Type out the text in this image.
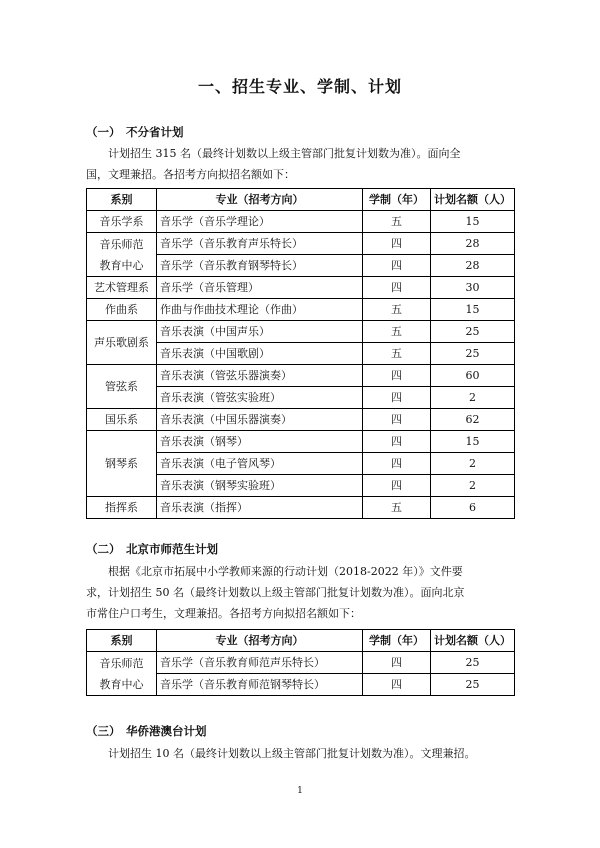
一、招生专业、学制、计划
（一） 不分省计划
计划招生 315 名（最终计划数以上级主管部门批复计划数为准）。面向全
国，文理兼招。各招考方向拟招名额如下：
系别	专业（招考方向）	学制（年）	计划名额（人）
音乐学系	音乐学（音乐学理论）	五	15

音乐师范
教育中心	音乐学（音乐教育声乐特长）	四	28
	音乐学（音乐教育钢琴特长）	四	28
艺术管理系	音乐学（音乐管理）	四	30
作曲系	作曲与作曲技术理论（作曲）	五	15
声乐歌剧系	音乐表演（中国声乐）	五	25
	音乐表演（中国歌剧）	五	25
管弦系	音乐表演（管弦乐器演奏）	四	60
	音乐表演（管弦实验班）	四	2
国乐系	音乐表演（中国乐器演奏）	四	62
钢琴系	音乐表演（钢琴）	四	15
	音乐表演（电子管风琴）	四	2
	音乐表演（钢琴实验班）	四	2
指挥系	音乐表演（指挥）	五	6
（二） 北京市师范生计划
根据《北京市拓展中小学教师来源的行动计划（2018-2022 年）》文件要
求，计划招生 50 名（最终计划数以上级主管部门批复计划数为准）。面向北京
市常住户口考生，文理兼招。各招考方向拟招名额如下：
系别	专业（招考方向）	学制（年）	计划名额（人）

音乐师范
教育中心	音乐学（音乐教育师范声乐特长）	四	25
	音乐学（音乐教育师范钢琴特长）	四	25
（三） 华侨港澳台计划
计划招生 10 名（最终计划数以上级主管部门批复计划数为准）。文理兼招。
1
